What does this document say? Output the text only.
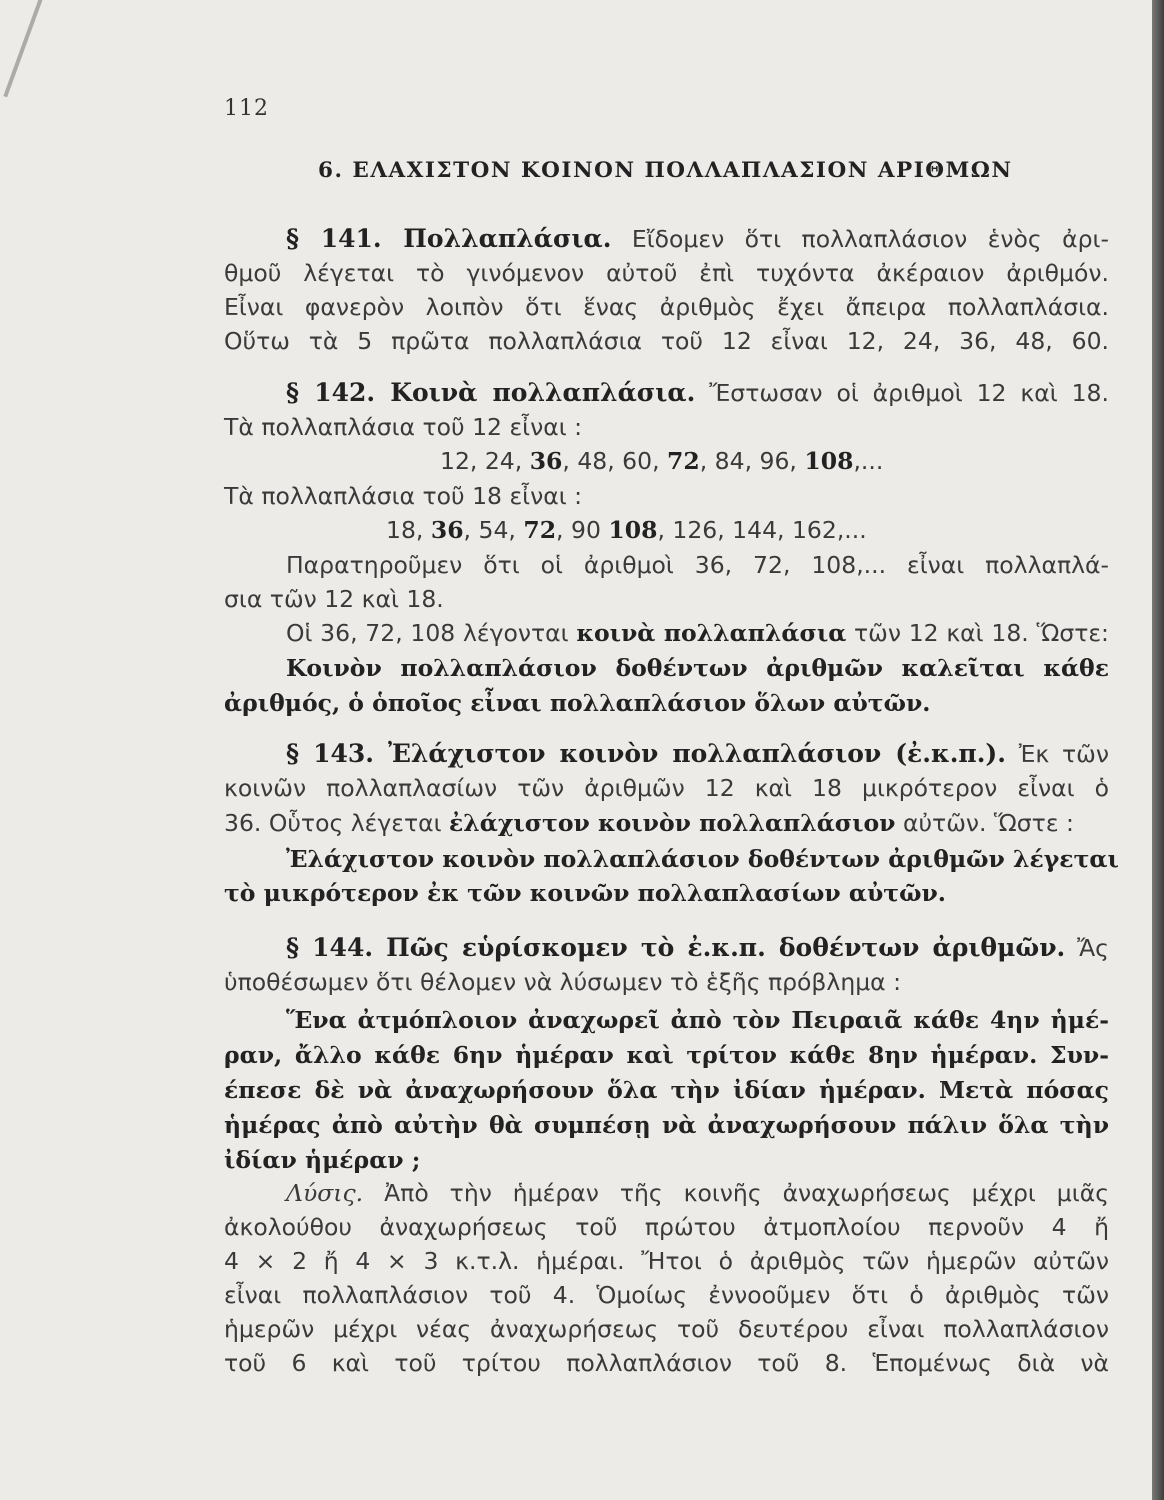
112
6. ΕΛΑΧΙΣΤΟΝ ΚΟΙΝΟΝ ΠΟΛΛΑΠΛΑΣΙΟΝ ΑΡΙΘΜΩΝ
§ 141. Πολλαπλάσια. Εἴδομεν ὅτι πολλαπλάσιον ἑνὸς ἀρι-
θμοῦ λέγεται τὸ γινόμενον αὐτοῦ ἐπὶ τυχόντα ἀκέραιον ἀριθμόν.
Εἶναι φανερὸν λοιπὸν ὅτι ἕνας ἀριθμὸς ἔχει ἄπειρα πολλαπλάσια.
Οὕτω τὰ 5 πρῶτα πολλαπλάσια τοῦ 12 εἶναι 12, 24, 36, 48, 60.
§ 142. Κοινὰ πολλαπλάσια. Ἔστωσαν οἱ ἀριθμοὶ 12 καὶ 18.
Τὰ πολλαπλάσια τοῦ 12 εἶναι :
12, 24, 36, 48, 60, 72, 84, 96, 108,...
Τὰ πολλαπλάσια τοῦ 18 εἶναι :
18, 36, 54, 72, 90 108, 126, 144, 162,...
Παρατηροῦμεν ὅτι οἱ ἀριθμοὶ 36, 72, 108,... εἶναι πολλαπλά-
σια τῶν 12 καὶ 18.
Οἱ 36, 72, 108 λέγονται κοινὰ πολλαπλάσια τῶν 12 καὶ 18. Ὥστε:
Κοινὸν πολλαπλάσιον δοθέντων ἀριθμῶν καλεῖται κάθε
ἀριθμός, ὁ ὁποῖος εἶναι πολλαπλάσιον ὅλων αὐτῶν.
§ 143. Ἐλάχιστον κοινὸν πολλαπλάσιον (ἐ.κ.π.). Ἐκ τῶν
κοινῶν πολλαπλασίων τῶν ἀριθμῶν 12 καὶ 18 μικρότερον εἶναι ὁ
36. Οὗτος λέγεται ἐλάχιστον κοινὸν πολλαπλάσιον αὐτῶν. Ὥστε :
Ἐλάχιστον κοινὸν πολλαπλάσιον δοθέντων ἀριθμῶν λέγεται
τὸ μικρότερον ἐκ τῶν κοινῶν πολλαπλασίων αὐτῶν.
§ 144. Πῶς εὑρίσκομεν τὸ ἐ.κ.π. δοθέντων ἀριθμῶν. Ἄς
ὑποθέσωμεν ὅτι θέλομεν νὰ λύσωμεν τὸ ἑξῆς πρόβλημα :
Ἕνα ἀτμόπλοιον ἀναχωρεῖ ἀπὸ τὸν Πειραιᾶ κάθε 4ην ἡμέ-
ραν, ἄλλο κάθε 6ην ἡμέραν καὶ τρίτον κάθε 8ην ἡμέραν. Συν-
έπεσε δὲ νὰ ἀναχωρήσουν ὅλα τὴν ἰδίαν ἡμέραν. Μετὰ πόσας
ἡμέρας ἀπὸ αὐτὴν θὰ συμπέσῃ νὰ ἀναχωρήσουν πάλιν ὅλα τὴν
ἰδίαν ἡμέραν ;
Λύσις. Ἀπὸ τὴν ἡμέραν τῆς κοινῆς ἀναχωρήσεως μέχρι μιᾶς
ἀκολούθου ἀναχωρήσεως τοῦ πρώτου ἀτμοπλοίου περνοῦν 4 ἤ
4 × 2 ἤ 4 × 3 κ.τ.λ. ἡμέραι. Ἤτοι ὁ ἀριθμὸς τῶν ἡμερῶν αὐτῶν
εἶναι πολλαπλάσιον τοῦ 4. Ὁμοίως ἐννοοῦμεν ὅτι ὁ ἀριθμὸς τῶν
ἡμερῶν μέχρι νέας ἀναχωρήσεως τοῦ δευτέρου εἶναι πολλαπλάσιον
τοῦ 6 καὶ τοῦ τρίτου πολλαπλάσιον τοῦ 8. Ἑπομένως διὰ νὰ
